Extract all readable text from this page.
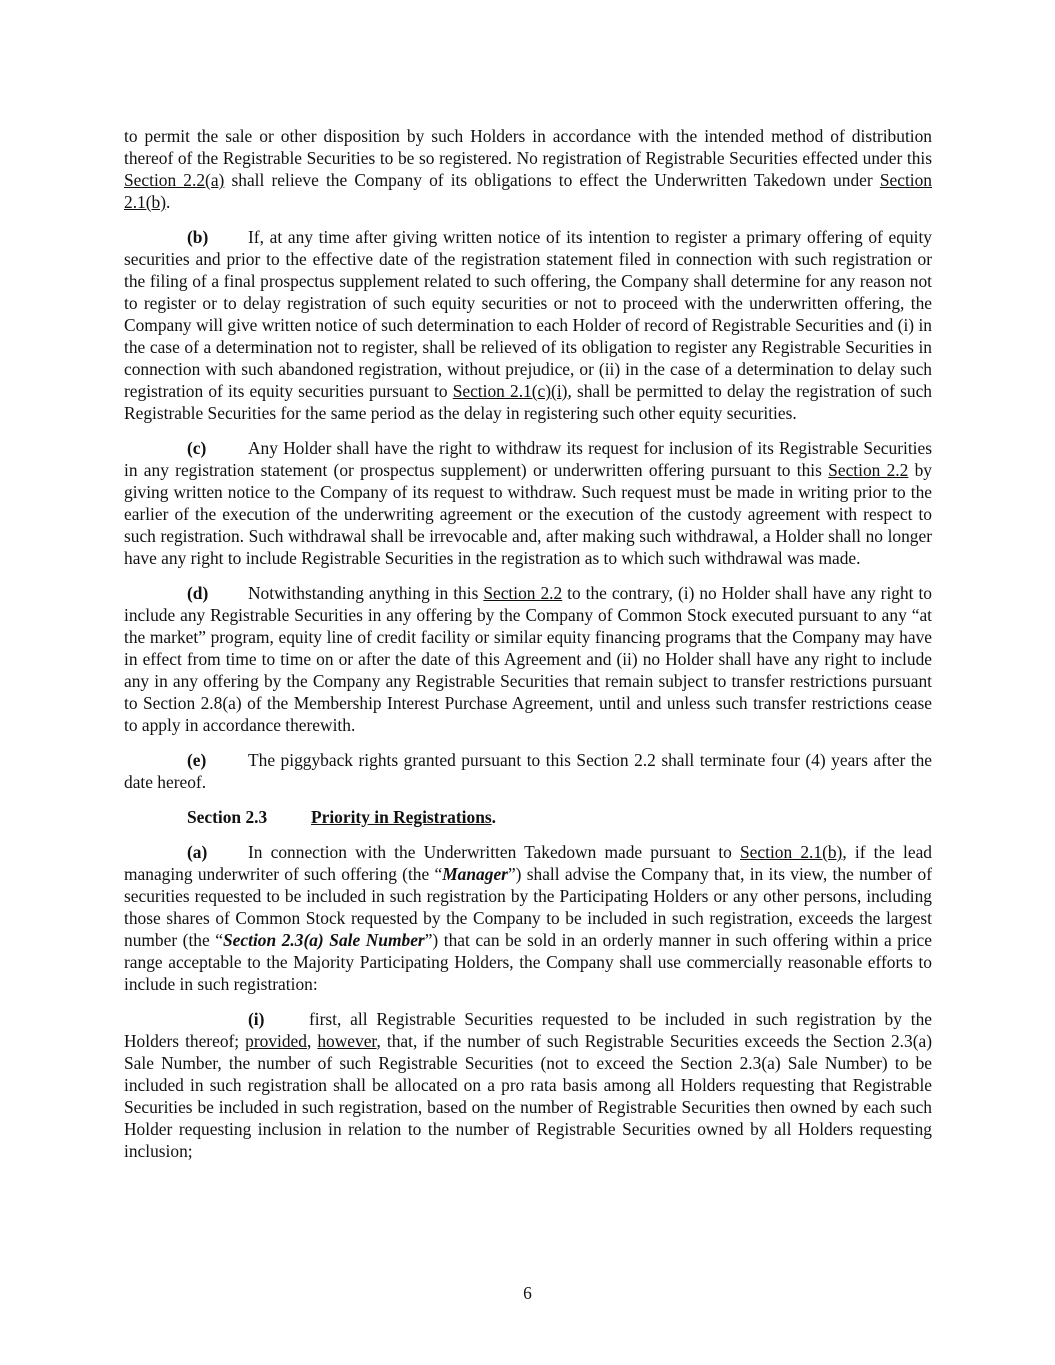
to permit the sale or other disposition by such Holders in accordance with the intended method of distribution thereof of the Registrable Securities to be so registered. No registration of Registrable Securities effected under this Section 2.2(a) shall relieve the Company of its obligations to effect the Underwritten Takedown under Section 2.1(b).

(b) If, at any time after giving written notice of its intention to register a primary offering of equity securities and prior to the effective date of the registration statement filed in connection with such registration or the filing of a final prospectus supplement related to such offering, the Company shall determine for any reason not to register or to delay registration of such equity securities or not to proceed with the underwritten offering, the Company will give written notice of such determination to each Holder of record of Registrable Securities and (i) in the case of a determination not to register, shall be relieved of its obligation to register any Registrable Securities in connection with such abandoned registration, without prejudice, or (ii) in the case of a determination to delay such registration of its equity securities pursuant to Section 2.1(c)(i), shall be permitted to delay the registration of such Registrable Securities for the same period as the delay in registering such other equity securities.

(c) Any Holder shall have the right to withdraw its request for inclusion of its Registrable Securities in any registration statement (or prospectus supplement) or underwritten offering pursuant to this Section 2.2 by giving written notice to the Company of its request to withdraw. Such request must be made in writing prior to the earlier of the execution of the underwriting agreement or the execution of the custody agreement with respect to such registration. Such withdrawal shall be irrevocable and, after making such withdrawal, a Holder shall no longer have any right to include Registrable Securities in the registration as to which such withdrawal was made.

(d) Notwithstanding anything in this Section 2.2 to the contrary, (i) no Holder shall have any right to include any Registrable Securities in any offering by the Company of Common Stock executed pursuant to any “at the market” program, equity line of credit facility or similar equity financing programs that the Company may have in effect from time to time on or after the date of this Agreement and (ii) no Holder shall have any right to include any in any offering by the Company any Registrable Securities that remain subject to transfer restrictions pursuant to Section 2.8(a) of the Membership Interest Purchase Agreement, until and unless such transfer restrictions cease to apply in accordance therewith.

(e) The piggyback rights granted pursuant to this Section 2.2 shall terminate four (4) years after the date hereof.

Section 2.3	Priority in Registrations.

(a) In connection with the Underwritten Takedown made pursuant to Section 2.1(b), if the lead managing underwriter of such offering (the “Manager”) shall advise the Company that, in its view, the number of securities requested to be included in such registration by the Participating Holders or any other persons, including those shares of Common Stock requested by the Company to be included in such registration, exceeds the largest number (the “Section 2.3(a) Sale Number”) that can be sold in an orderly manner in such offering within a price range acceptable to the Majority Participating Holders, the Company shall use commercially reasonable efforts to include in such registration:

(i)	first, all Registrable Securities requested to be included in such registration by the Holders thereof; provided, however, that, if the number of such Registrable Securities exceeds the Section 2.3(a) Sale Number, the number of such Registrable Securities (not to exceed the Section 2.3(a) Sale Number) to be included in such registration shall be allocated on a pro rata basis among all Holders requesting that Registrable Securities be included in such registration, based on the number of Registrable Securities then owned by each such Holder requesting inclusion in relation to the number of Registrable Securities owned by all Holders requesting inclusion;

6
